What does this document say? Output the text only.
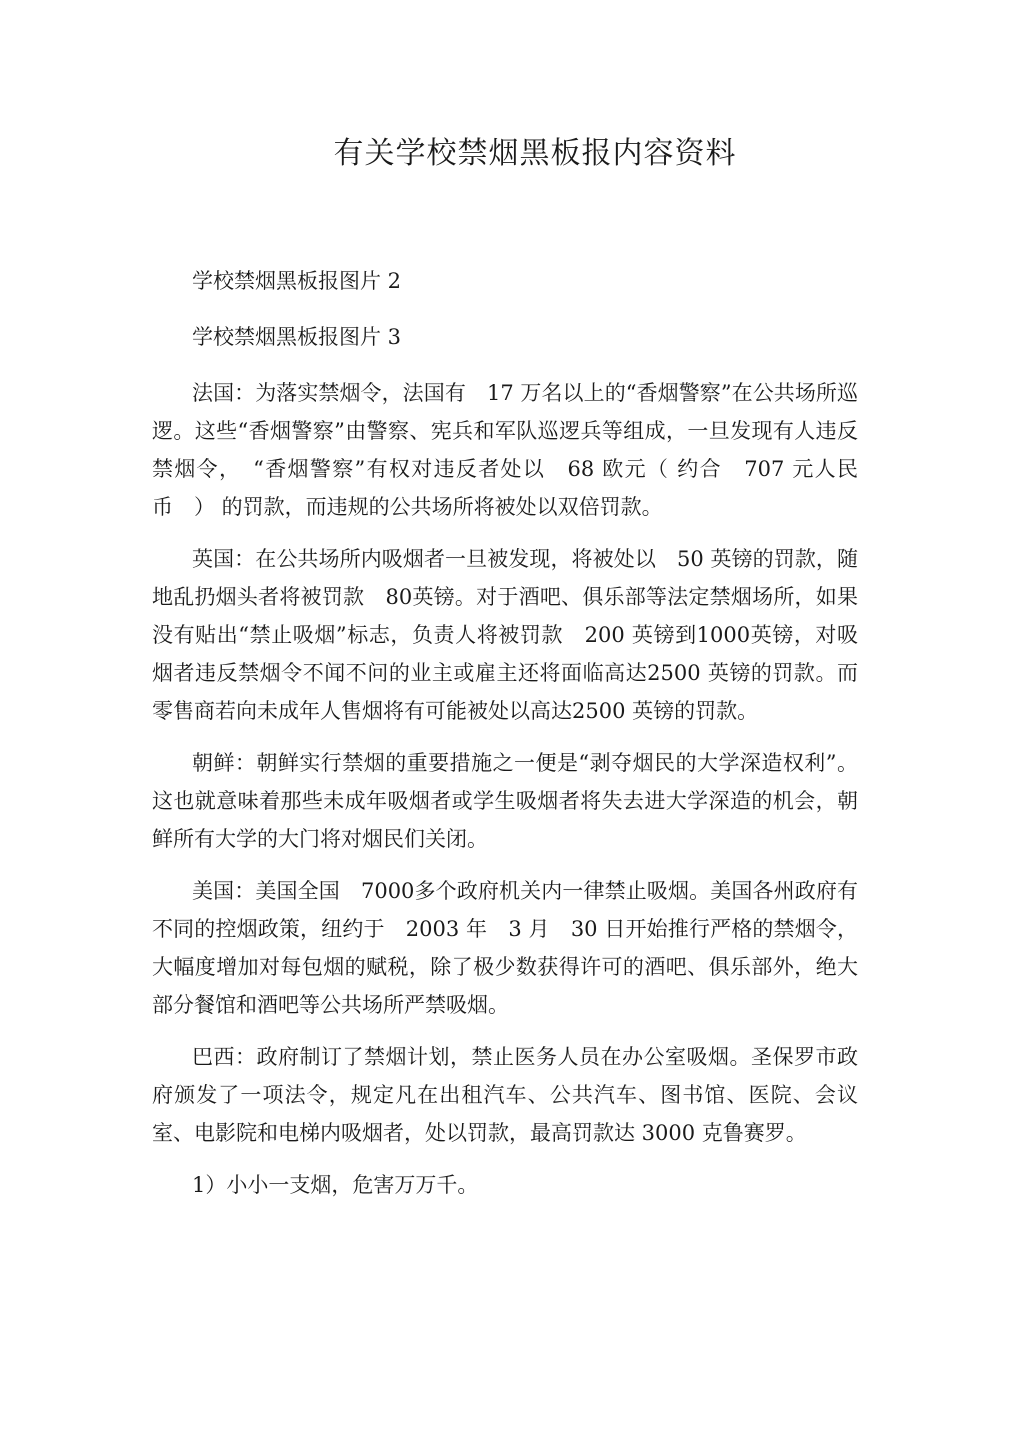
有关学校禁烟黑板报内容资料

学校禁烟黑板报图片 2

学校禁烟黑板报图片 3

法国：为落实禁烟令，法国有　17 万名以上的“香烟警察”在公共场所巡逻。这些“香烟警察”由警察、宪兵和军队巡逻兵等组成，一旦发现有人违反禁烟令，　“香烟警察”有权对违反者处以　68 欧元（ 约合　707 元人民币　） 的罚款，而违规的公共场所将被处以双倍罚款。

英国：在公共场所内吸烟者一旦被发现，将被处以　50 英镑的罚款，随地乱扔烟头者将被罚款　80英镑。对于酒吧、俱乐部等法定禁烟场所，如果没有贴出“禁止吸烟”标志，负责人将被罚款　200 英镑到1000英镑，对吸烟者违反禁烟令不闻不问的业主或雇主还将面临高达2500 英镑的罚款。而零售商若向未成年人售烟将有可能被处以高达2500 英镑的罚款。

朝鲜：朝鲜实行禁烟的重要措施之一便是“剥夺烟民的大学深造权利”。这也就意味着那些未成年吸烟者或学生吸烟者将失去进大学深造的机会，朝鲜所有大学的大门将对烟民们关闭。

美国：美国全国　7000多个政府机关内一律禁止吸烟。美国各州政府有不同的控烟政策，纽约于　2003 年　3 月　30 日开始推行严格的禁烟令，大幅度增加对每包烟的赋税，除了极少数获得许可的酒吧、俱乐部外，绝大部分餐馆和酒吧等公共场所严禁吸烟。

巴西：政府制订了禁烟计划，禁止医务人员在办公室吸烟。圣保罗市政府颁发了一项法令，规定凡在出租汽车、公共汽车、图书馆、医院、会议室、电影院和电梯内吸烟者，处以罚款，最高罚款达 3000 克鲁赛罗。

1）小小一支烟，危害万万千。
